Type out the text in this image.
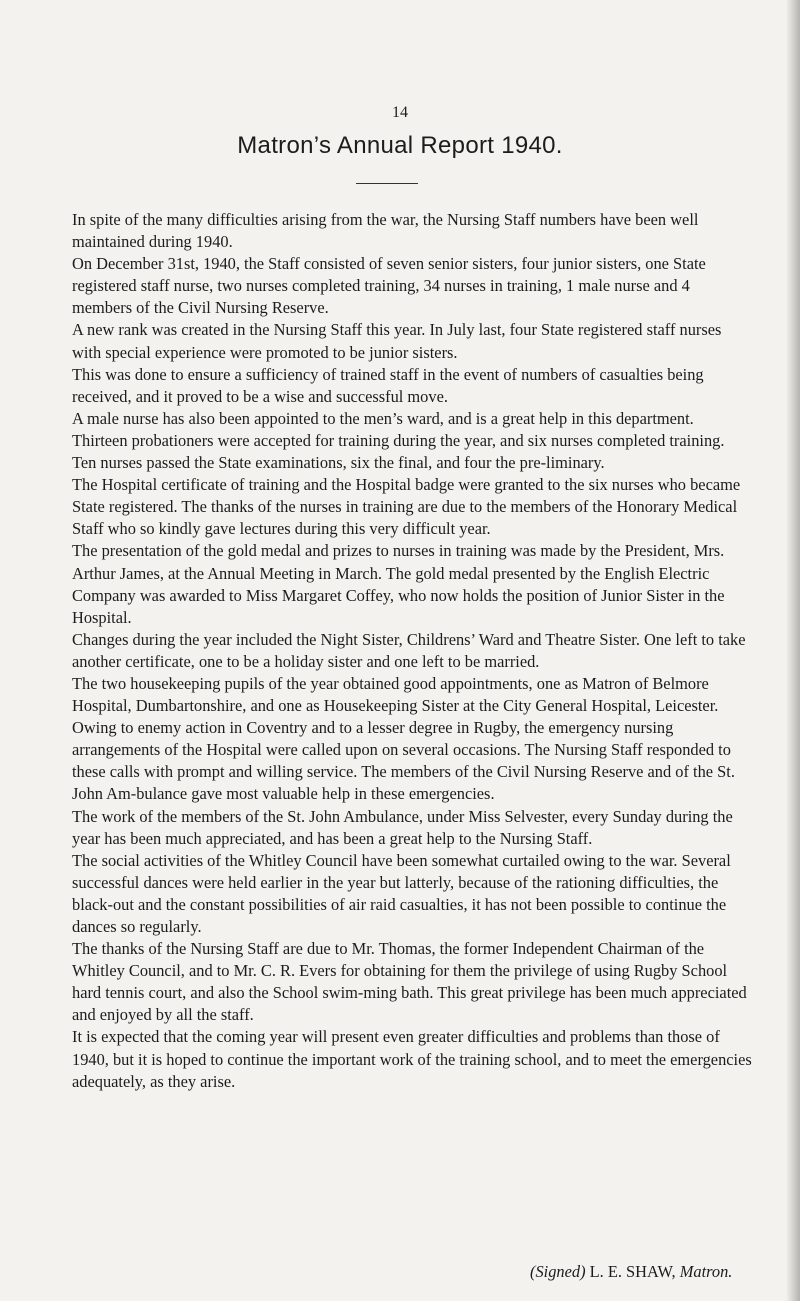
14
Matron’s Annual Report 1940.

In spite of the many difficulties arising from the war, the Nursing Staff numbers have been well maintained during 1940.

On December 31st, 1940, the Staff consisted of seven senior sisters, four junior sisters, one State registered staff nurse, two nurses completed training, 34 nurses in training, 1 male nurse and 4 members of the Civil Nursing Reserve.

A new rank was created in the Nursing Staff this year. In July last, four State registered staff nurses with special experience were promoted to be junior sisters.

This was done to ensure a sufficiency of trained staff in the event of numbers of casualties being received, and it proved to be a wise and successful move.

A male nurse has also been appointed to the men’s ward, and is a great help in this department.

Thirteen probationers were accepted for training during the year, and six nurses completed training.

Ten nurses passed the State examinations, six the final, and four the pre-liminary.

The Hospital certificate of training and the Hospital badge were granted to the six nurses who became State registered. The thanks of the nurses in training are due to the members of the Honorary Medical Staff who so kindly gave lectures during this very difficult year.

The presentation of the gold medal and prizes to nurses in training was made by the President, Mrs. Arthur James, at the Annual Meeting in March. The gold medal presented by the English Electric Company was awarded to Miss Margaret Coffey, who now holds the position of Junior Sister in the Hospital.

Changes during the year included the Night Sister, Childrens’ Ward and Theatre Sister. One left to take another certificate, one to be a holiday sister and one left to be married.

The two housekeeping pupils of the year obtained good appointments, one as Matron of Belmore Hospital, Dumbartonshire, and one as Housekeeping Sister at the City General Hospital, Leicester.

Owing to enemy action in Coventry and to a lesser degree in Rugby, the emergency nursing arrangements of the Hospital were called upon on several occasions. The Nursing Staff responded to these calls with prompt and willing service. The members of the Civil Nursing Reserve and of the St. John Am-bulance gave most valuable help in these emergencies.

The work of the members of the St. John Ambulance, under Miss Selvester, every Sunday during the year has been much appreciated, and has been a great help to the Nursing Staff.

The social activities of the Whitley Council have been somewhat curtailed owing to the war. Several successful dances were held earlier in the year but latterly, because of the rationing difficulties, the black-out and the constant possibilities of air raid casualties, it has not been possible to continue the dances so regularly.

The thanks of the Nursing Staff are due to Mr. Thomas, the former Independent Chairman of the Whitley Council, and to Mr. C. R. Evers for obtaining for them the privilege of using Rugby School hard tennis court, and also the School swim-ming bath. This great privilege has been much appreciated and enjoyed by all the staff.

It is expected that the coming year will present even greater difficulties and problems than those of 1940, but it is hoped to continue the important work of the training school, and to meet the emergencies adequately, as they arise.

(Signed) L. E. SHAW, Matron.
